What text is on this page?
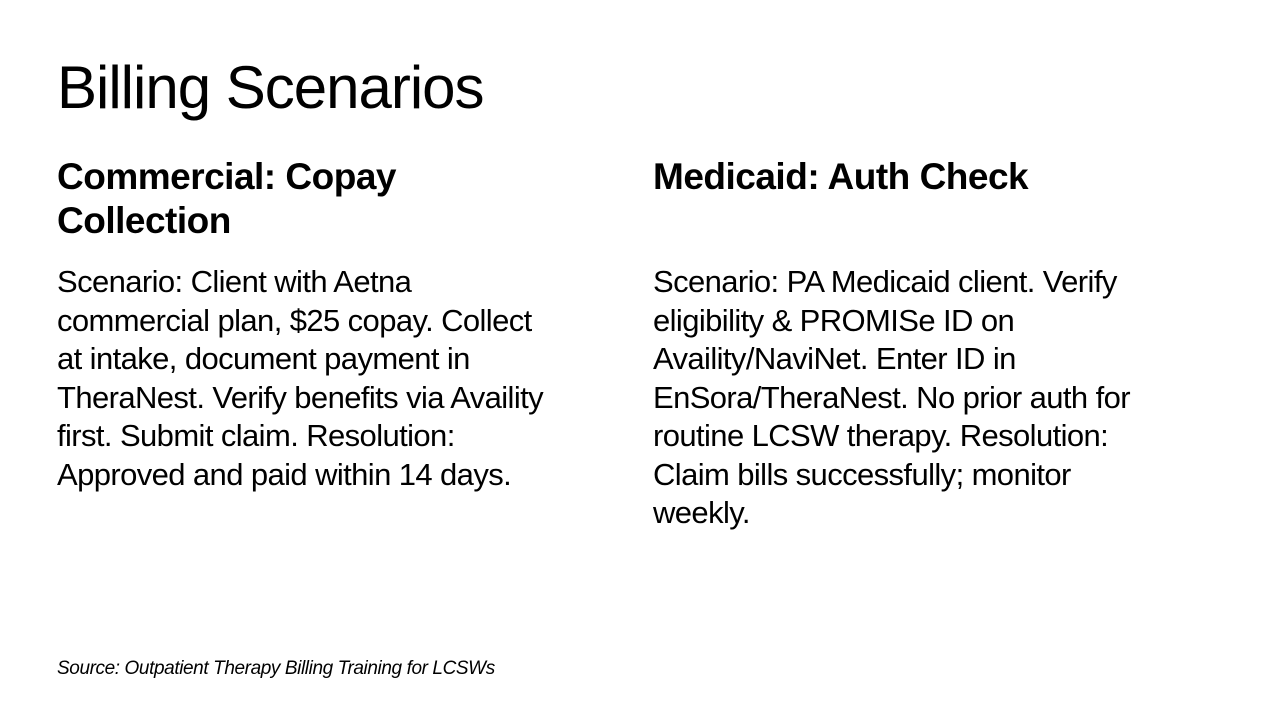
Billing Scenarios
Commercial: Copay Collection

Scenario: Client with Aetna commercial plan, $25 copay. Collect at intake, document payment in TheraNest. Verify benefits via Availity first. Submit claim. Resolution: Approved and paid within 14 days.

Medicaid: Auth Check

Scenario: PA Medicaid client. Verify eligibility & PROMISe ID on Availity/NaviNet. Enter ID in EnSora/TheraNest. No prior auth for routine LCSW therapy. Resolution: Claim bills successfully; monitor weekly.

Source: Outpatient Therapy Billing Training for LCSWs
